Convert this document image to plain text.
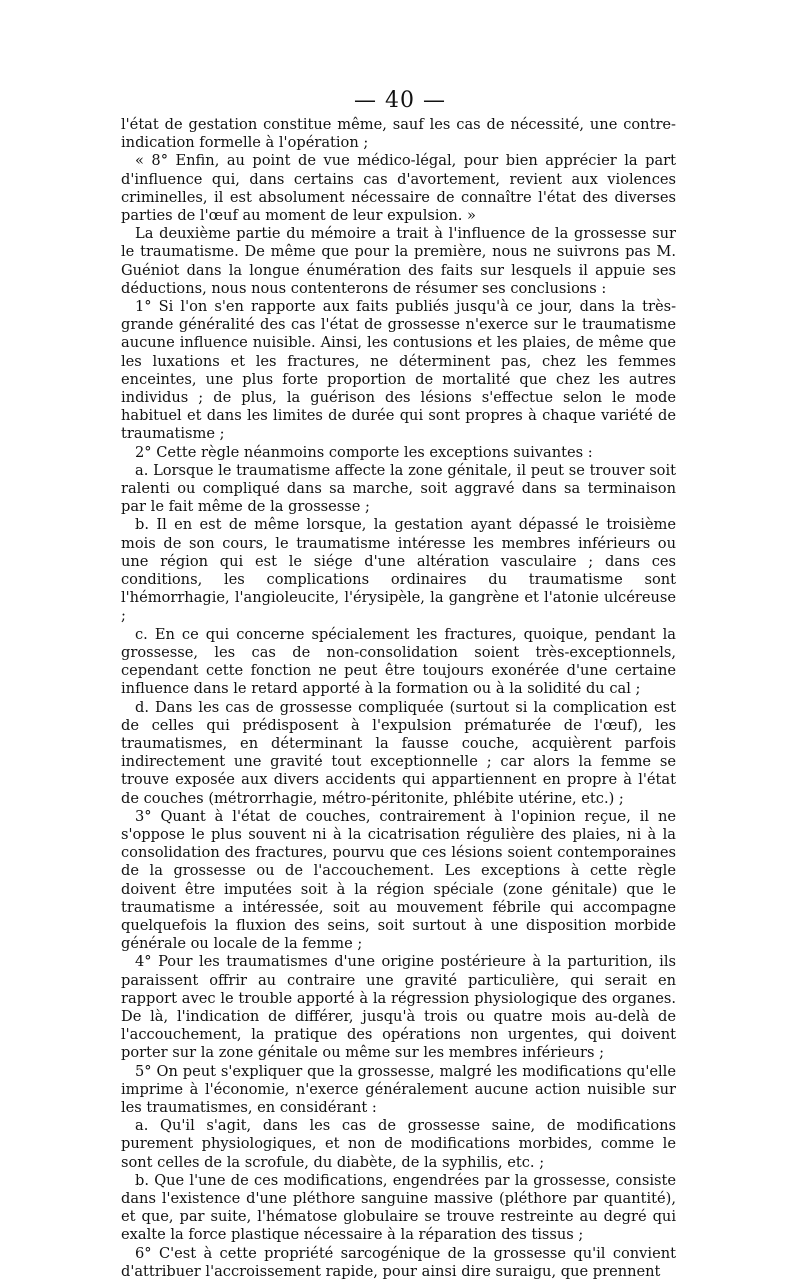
— 40 —

l'état de gestation constitue même, sauf les cas de nécessité, une contre-indication formelle à l'opération ;

« 8° Enfin, au point de vue médico-légal, pour bien apprécier la part d'influence qui, dans certains cas d'avortement, revient aux violences criminelles, il est absolument nécessaire de connaître l'état des diverses parties de l'œuf au moment de leur expulsion. »

La deuxième partie du mémoire a trait à l'influence de la grossesse sur le traumatisme. De même que pour la première, nous ne suivrons pas M. Guéniot dans la longue énumération des faits sur lesquels il appuie ses déductions, nous nous contenterons de résumer ses conclusions :

1° Si l'on s'en rapporte aux faits publiés jusqu'à ce jour, dans la très-grande généralité des cas l'état de grossesse n'exerce sur le traumatisme aucune influence nuisible. Ainsi, les contusions et les plaies, de même que les luxations et les fractures, ne déterminent pas, chez les femmes enceintes, une plus forte proportion de mortalité que chez les autres individus ; de plus, la guérison des lésions s'effectue selon le mode habituel et dans les limites de durée qui sont propres à chaque variété de traumatisme ;

2° Cette règle néanmoins comporte les exceptions suivantes :

a. Lorsque le traumatisme affecte la zone génitale, il peut se trouver soit ralenti ou compliqué dans sa marche, soit aggravé dans sa terminaison par le fait même de la grossesse ;

b. Il en est de même lorsque, la gestation ayant dépassé le troisième mois de son cours, le traumatisme intéresse les membres inférieurs ou une région qui est le siége d'une altération vasculaire ; dans ces conditions, les complications ordinaires du traumatisme sont l'hémorrhagie, l'angioleucite, l'érysipèle, la gangrène et l'atonie ulcéreuse ;

c. En ce qui concerne spécialement les fractures, quoique, pendant la grossesse, les cas de non-consolidation soient très-exceptionnels, cependant cette fonction ne peut être toujours exonérée d'une certaine influence dans le retard apporté à la formation ou à la solidité du cal ;

d. Dans les cas de grossesse compliquée (surtout si la complication est de celles qui prédisposent à l'expulsion prématurée de l'œuf), les traumatismes, en déterminant la fausse couche, acquièrent parfois indirectement une gravité tout exceptionnelle ; car alors la femme se trouve exposée aux divers accidents qui appartiennent en propre à l'état de couches (métrorrhagie, métro-péritonite, phlébite utérine, etc.) ;

3° Quant à l'état de couches, contrairement à l'opinion reçue, il ne s'oppose le plus souvent ni à la cicatrisation régulière des plaies, ni à la consolidation des fractures, pourvu que ces lésions soient contemporaines de la grossesse ou de l'accouchement. Les exceptions à cette règle doivent être imputées soit à la région spéciale (zone génitale) que le traumatisme a intéressée, soit au mouvement fébrile qui accompagne quelquefois la fluxion des seins, soit surtout à une disposition morbide générale ou locale de la femme ;

4° Pour les traumatismes d'une origine postérieure à la parturition, ils paraissent offrir au contraire une gravité particulière, qui serait en rapport avec le trouble apporté à la régression physiologique des organes. De là, l'indication de différer, jusqu'à trois ou quatre mois au-delà de l'accouchement, la pratique des opérations non urgentes, qui doivent porter sur la zone génitale ou même sur les membres inférieurs ;

5° On peut s'expliquer que la grossesse, malgré les modifications qu'elle imprime à l'économie, n'exerce généralement aucune action nuisible sur les traumatismes, en considérant :

a. Qu'il s'agit, dans les cas de grossesse saine, de modifications purement physiologiques, et non de modifications morbides, comme le sont celles de la scrofule, du diabète, de la syphilis, etc. ;

b. Que l'une de ces modifications, engendrées par la grossesse, consiste dans l'existence d'une pléthore sanguine massive (pléthore par quantité), et que, par suite, l'hématose globulaire se trouve restreinte au degré qui exalte la force plastique nécessaire à la réparation des tissus ;

6° C'est à cette propriété sarcogénique de la grossesse qu'il convient d'attribuer l'accroissement rapide, pour ainsi dire suraigu, que prennent
